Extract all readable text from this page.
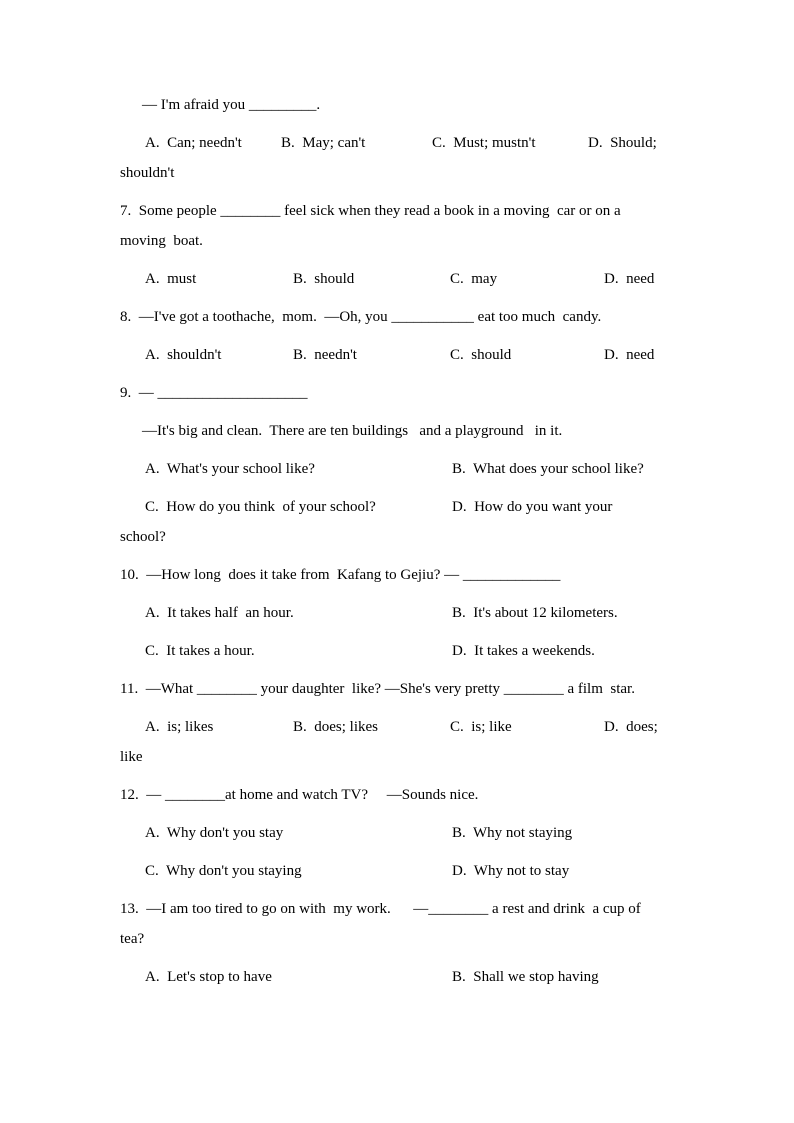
— I'm afraid you _________.
A.  Can; needn't	B.  May; can't	C.  Must; mustn't	D.  Should;
shouldn't
7.  Some people ________ feel sick when they read a book in a moving  car or on a
moving  boat.
A.  must	B.  should	C.  may	D.  need
8.  —I've got a toothache,  mom.  —Oh, you ___________ eat too much  candy.
A.  shouldn't	B.  needn't	C.  should	D.  need
9.  — ____________________
—It's big and clean.  There are ten buildings   and a playground   in it.
A.  What's your school like?	B.  What does your school like?
C.  How do you think  of your school?	D.  How do you want your
school?
10.  —How long  does it take from  Kafang to Gejiu? — _____________
A.  It takes half  an hour.	B.  It's about 12 kilometers.
C.  It takes a hour.	D.  It takes a weekends.
11.  —What ________ your daughter  like? —She's very pretty ________ a film  star.
A.  is; likes	B.  does; likes	C.  is; like	D.  does;
like
12.  — ________at home and watch TV?     —Sounds nice.
A.  Why don't you stay	B.  Why not staying
C.  Why don't you staying	D.  Why not to stay
13.  —I am too tired to go on with  my work.      —________ a rest and drink  a cup of
tea?
A.  Let's stop to have	B.  Shall we stop having
